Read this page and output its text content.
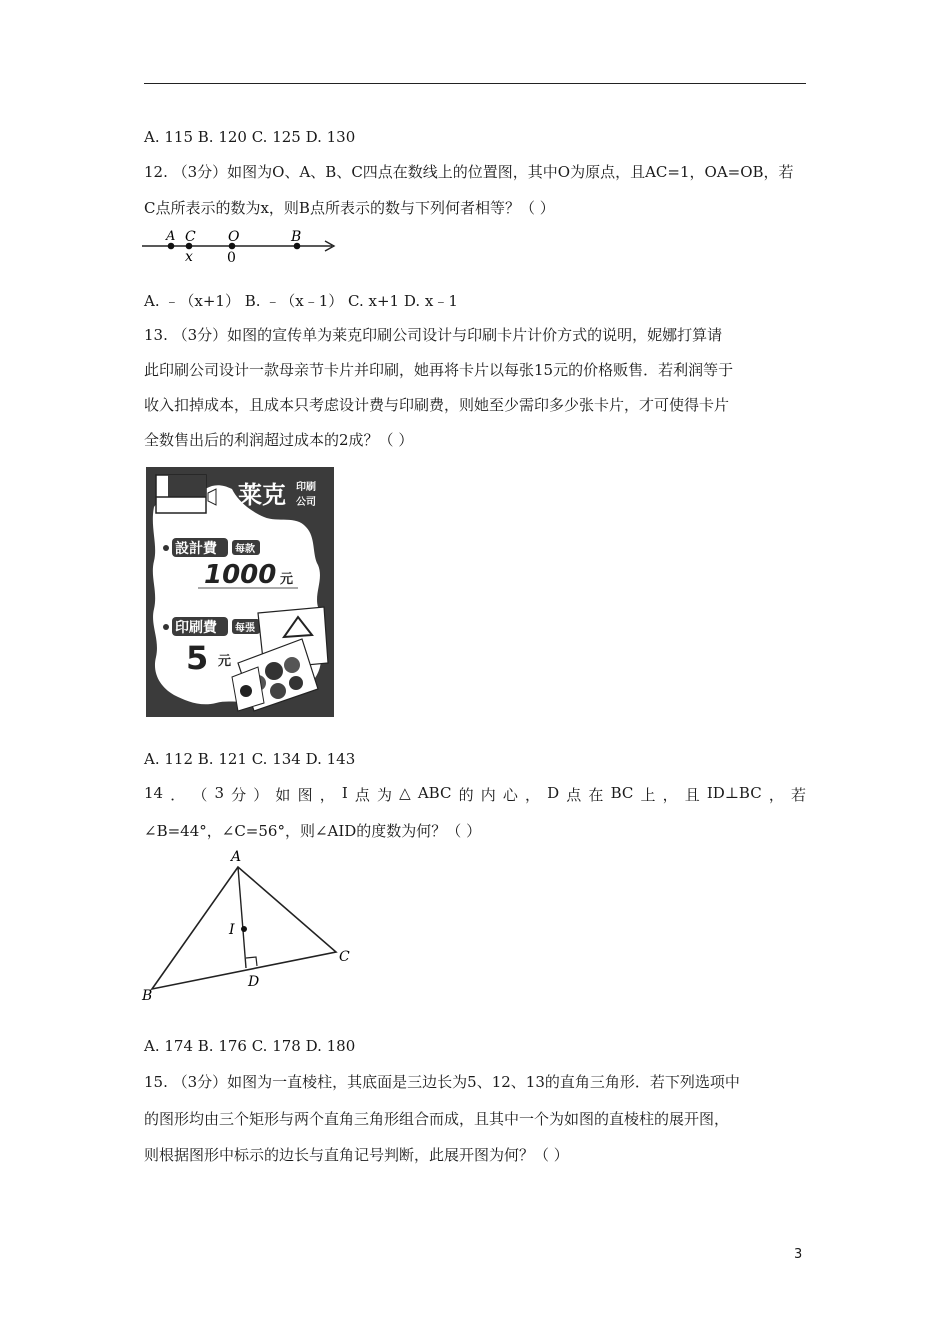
A. 115 B. 120 C. 125 D. 130
12. （3分）如图为O、A、B、C四点在数线上的位置图，其中O为原点，且AC=1，OA=OB，若
C点所表示的数为x，则B点所表示的数与下列何者相等？（ ）
A C O	B
x 0
A. ﹣（x+1） B. ﹣（x﹣1） C. x+1 D. x﹣1
13. （3分）如图的宣传单为莱克印刷公司设计与印刷卡片计价方式的说明，妮娜打算请
此印刷公司设计一款母亲节卡片并印刷，她再将卡片以每张15元的价格贩售．若利润等于
收入扣掉成本，且成本只考虑设计费与印刷费，则她至少需印多少张卡片，才可使得卡片
全数售出后的利润超过成本的2成？（ ）
莱克 印刷
公司
設計費 每款
1000 元
印刷費 每張
5 元
A. 112 B. 121 C. 134 D. 143
14 ． （ 3 分 ） 如 图 ， I 点 为 △ ABC 的 内 心 ， D 点 在 BC 上 ， 且 ID⊥BC ， 若
∠B=44°，∠C=56°，则∠AID的度数为何？（ ）
A
B
C
D
I
A. 174 B. 176 C. 178 D. 180
15. （3分）如图为一直棱柱，其底面是三边长为5、12、13的直角三角形．若下列选项中
的图形均由三个矩形与两个直角三角形组合而成，且其中一个为如图的直棱柱的展开图，
则根据图形中标示的边长与直角记号判断，此展开图为何？（ ）
3
